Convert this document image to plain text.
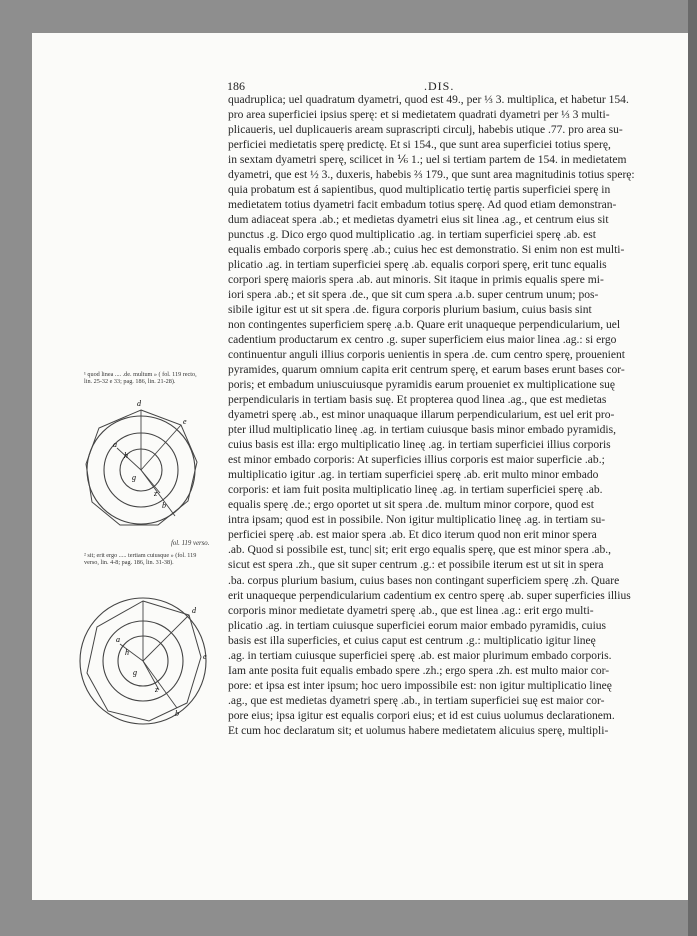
186	.DIS.
quadruplica; uel quadratum dyametri, quod est 49., per ⅓ 3. multiplica, et habetur 154.
pro area superficiei ipsius sperę: et si medietatem quadrati dyametri per ⅓ 3 multi-
plicaueris, uel duplicaueris aream suprascripti circulj, habebis utique .77. pro area su-
perficiei medietatis sperę predictę. Et si 154., que sunt area superficiei totius sperę,
in sextam dyametri sperę, scilicet in ⅙ 1.; uel si tertiam partem de 154. in medietatem
dyametri, que est ½ 3., duxeris, habebis ⅔ 179., que sunt area magnitudinis totius sperę:
quia probatum est á sapientibus, quod multiplicatio tertię partis superficiei sperę in
medietatem totius dyametri facit embadum totius sperę. Ad quod etiam demonstran-
dum adiaceat spera .ab.; et medietas dyametri eius sit linea .ag., et centrum eius sit
punctus .g. Dico ergo quod multiplicatio .ag. in tertiam superficiei sperę .ab. est
equalis embado corporis sperę .ab.; cuius hec est demonstratio. Si enim non est multi-
plicatio .ag. in tertiam superficiei sperę .ab. equalis corpori sperę, erit tunc equalis
corpori sperę maioris spera .ab. aut minoris. Sit itaque in primis equalis spere mi-
iori spera .ab.; et sit spera .de., que sit cum spera .a.b. super centrum unum; pos-
sibile igitur est ut sit spera .de. figura corporis plurium basium, cuius basis sint
non contingentes superficiem sperę .a.b. Quare erit unaqueque perpendicularium, uel
cadentium productarum ex centro .g. super superficiem eius maior linea .ag.: si ergo
continuentur anguli illius corporis uenientis in spera .de. cum centro sperę, prouenient
pyramides, quarum omnium capita erit centrum sperę, et earum bases erunt bases cor-
poris; et embadum uniuscuiusque pyramidis earum proueniet ex multiplicatione suę
perpendicularis in tertiam basis suę. Et propterea quod linea .ag., que est medietas
dyametri sperę .ab., est minor unaquaque illarum perpendicularium, est uel erit pro-
pter illud multiplicatio lineę .ag. in tertiam cuiusque basis minor embado pyramidis,
cuius basis est illa: ergo multiplicatio lineę .ag. in tertiam superficiei illius corporis
est minor embado corporis: At superficies illius corporis est maior superficie .ab.;
multiplicatio igitur .ag. in tertiam superficiei sperę .ab. erit multo minor embado
corporis: et iam fuit posita multiplicatio lineę .ag. in tertiam superficiei sperę .ab.
equalis sperę .de.; ergo oportet ut sit spera .de. multum minor corpore, quod est
intra ipsam; quod est in possibile. Non igitur multiplicatio lineę .ag. in tertiam su-
perficiei sperę .ab. est maior spera .ab. Et dico iterum quod non erit minor spera
.ab. Quod si possibile est, tunc| sit; erit ergo equalis sperę, que est minor spera .ab.,
sicut est spera .zh., que sit super centrum .g.: et possibile iterum est ut sit in spera
.ba. corpus plurium basium, cuius bases non contingant superficiem sperę .zh. Quare
erit unaqueque perpendicularium cadentium ex centro sperę .ab. super superficies illius
corporis minor medietate dyametri sperę .ab., que est linea .ag.: erit ergo multi-
plicatio .ag. in tertiam cuiusque superficiei eorum maior embado pyramidis, cuius
basis est illa superficies, et cuius caput est centrum .g.: multiplicatio igitur lineę
.ag. in tertiam cuiusque superficiei sperę .ab. est maior plurimum embado corporis.
Iam ante posita fuit equalis embado spere .zh.; ergo spera .zh. est multo maior cor-
pore: et ipsa est inter ipsum; hoc uero impossibile est: non igitur multiplicatio lineę
.ag., que est medietas dyametri sperę .ab., in tertiam superficiei suę est maior cor-
pore eius; ipsa igitur est equalis corpori eius; et id est cuius uolumus declarationem.
Et cum hoc declaratum sit; et uolumus habere medietatem alicuius sperę, multipli-
¹ quod linea .... .de. multum » ( fol. 119 recto, lin. 25-32 e 33; pag. 186, lin. 21-28).
d
e
a
h
g
z
b
fol. 119 verso.
² sit; erit ergo ..... tertiam cuiusque » (fol. 119 verso, lin. 4-8; pag. 186, lin. 31-38).
d
e
a
h
g
z
b
